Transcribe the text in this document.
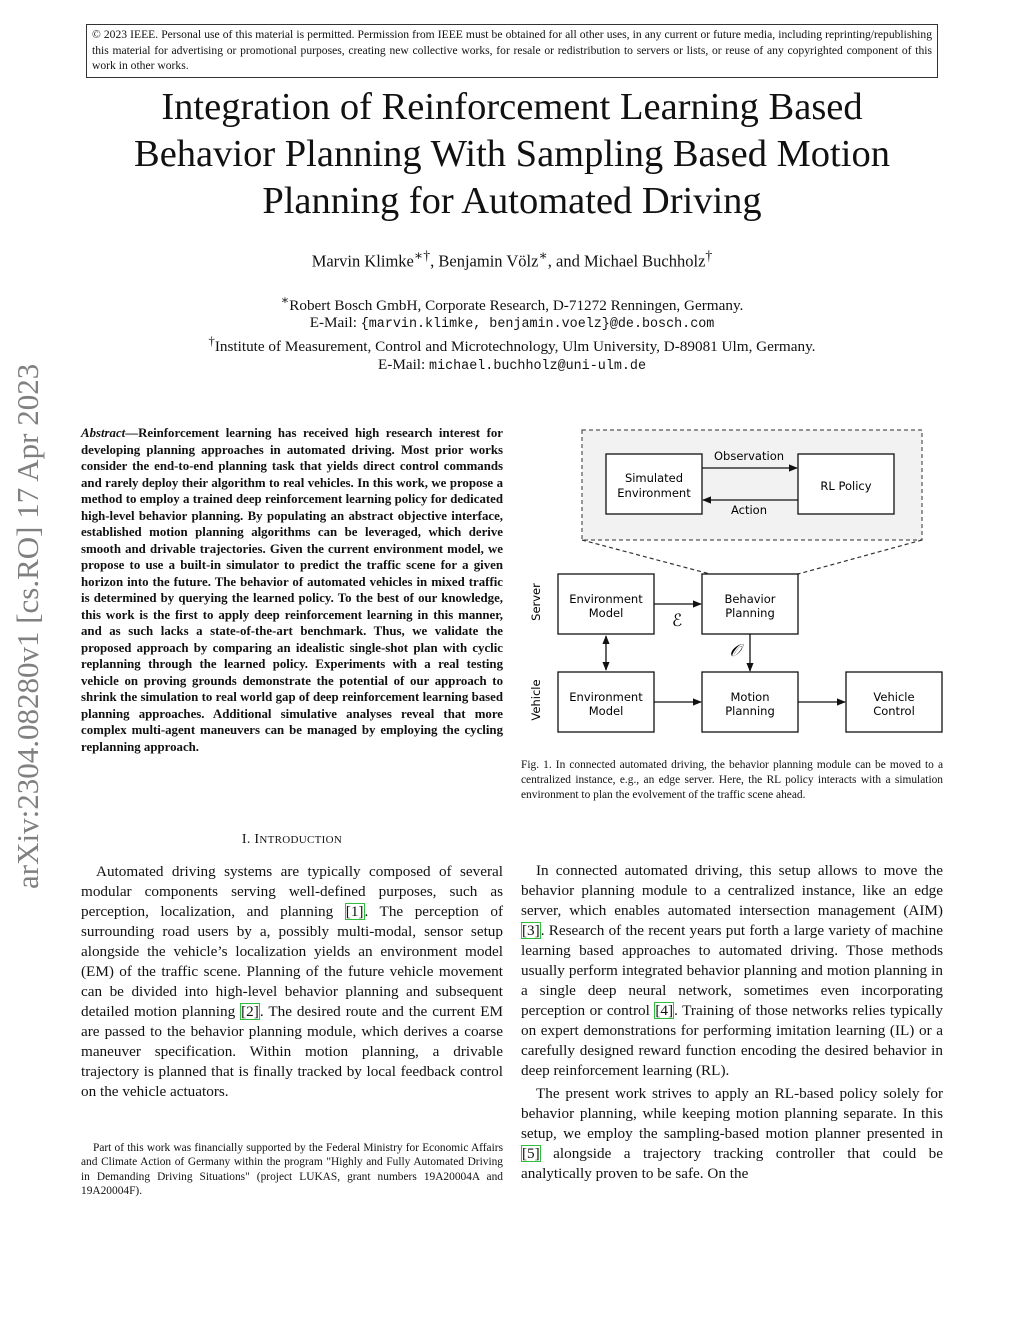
© 2023 IEEE. Personal use of this material is permitted. Permission from IEEE must be obtained for all other uses, in any current or future media, including reprinting/republishing this material for advertising or promotional purposes, creating new collective works, for resale or redistribution to servers or lists, or reuse of any copyrighted component of this work in other works.
Integration of Reinforcement Learning Based
Behavior Planning With Sampling Based Motion
Planning for Automated Driving
Marvin Klimke∗†, Benjamin Völz∗, and Michael Buchholz†
∗Robert Bosch GmbH, Corporate Research, D-71272 Renningen, Germany.
E-Mail: {marvin.klimke, benjamin.voelz}@de.bosch.com
†Institute of Measurement, Control and Microtechnology, Ulm University, D-89081 Ulm, Germany.
E-Mail: michael.buchholz@uni-ulm.de
arXiv:2304.08280v1 [cs.RO] 17 Apr 2023	Abstract—Reinforcement learning has received high research interest for developing planning approaches in automated driving. Most prior works consider the end-to-end planning task that yields direct control commands and rarely deploy their algorithm to real vehicles. In this work, we propose a method to employ a trained deep reinforcement learning policy for dedicated high-level behavior planning. By populating an abstract objective interface, established motion planning algorithms can be leveraged, which derive smooth and drivable trajectories. Given the current environment model, we propose to use a built-in simulator to predict the traffic scene for a given horizon into the future. The behavior of automated vehicles in mixed traffic is determined by querying the learned policy. To the best of our knowledge, this work is the first to apply deep reinforcement learning in this manner, and as such lacks a state-of-the-art benchmark. Thus, we validate the proposed approach by comparing an idealistic single-shot plan with cyclic replanning through the learned policy. Experiments with a real testing vehicle on proving grounds demonstrate the potential of our approach to shrink the simulation to real world gap of deep reinforcement learning based planning approaches. Additional simulative analyses reveal that more complex multi-agent maneuvers can be managed by employing the cycling replanning approach.
I. INTRODUCTION

Automated driving systems are typically composed of several modular components serving well-defined purposes, such as perception, localization, and planning [1]. The perception of surrounding road users by a, possibly multi-modal, sensor setup alongside the vehicle’s localization yields an environment model (EM) of the traffic scene. Planning of the future vehicle movement can be divided into high-level behavior planning and subsequent detailed motion planning [2]. The desired route and the current EM are passed to the behavior planning module, which derives a coarse maneuver specification. Within motion planning, a drivable trajectory is planned that is finally tracked by local feedback control on the vehicle actuators.

Part of this work was financially supported by the Federal Ministry for Economic Affairs and Climate Action of Germany within the program "Highly and Fully Automated Driving in Demanding Driving Situations" (project LUKAS, grant numbers 19A20004A and 19A20004F).
Simulated
Environment	RL Policy
Observation
Action
Server
Vehicle
Environment
Model
Behavior
Planning
ℰ
Environment
Model
Motion
Planning
Vehicle
Control
𝒪
Fig. 1. In connected automated driving, the behavior planning module can be moved to a centralized instance, e.g., an edge server. Here, the RL policy interacts with a simulation environment to plan the evolvement of the traffic scene ahead.

In connected automated driving, this setup allows to move the behavior planning module to a centralized instance, like an edge server, which enables automated intersection management (AIM) [3]. Research of the recent years put forth a large variety of machine learning based approaches to automated driving. Those methods usually perform integrated behavior planning and motion planning in a single deep neural network, sometimes even incorporating perception or control [4]. Training of those networks relies typically on expert demonstrations for performing imitation learning (IL) or a carefully designed reward function encoding the desired behavior in deep reinforcement learning (RL).

The present work strives to apply an RL-based policy solely for behavior planning, while keeping motion planning separate. In this setup, we employ the sampling-based motion planner presented in [5] alongside a trajectory tracking controller that could be analytically proven to be safe. On the
